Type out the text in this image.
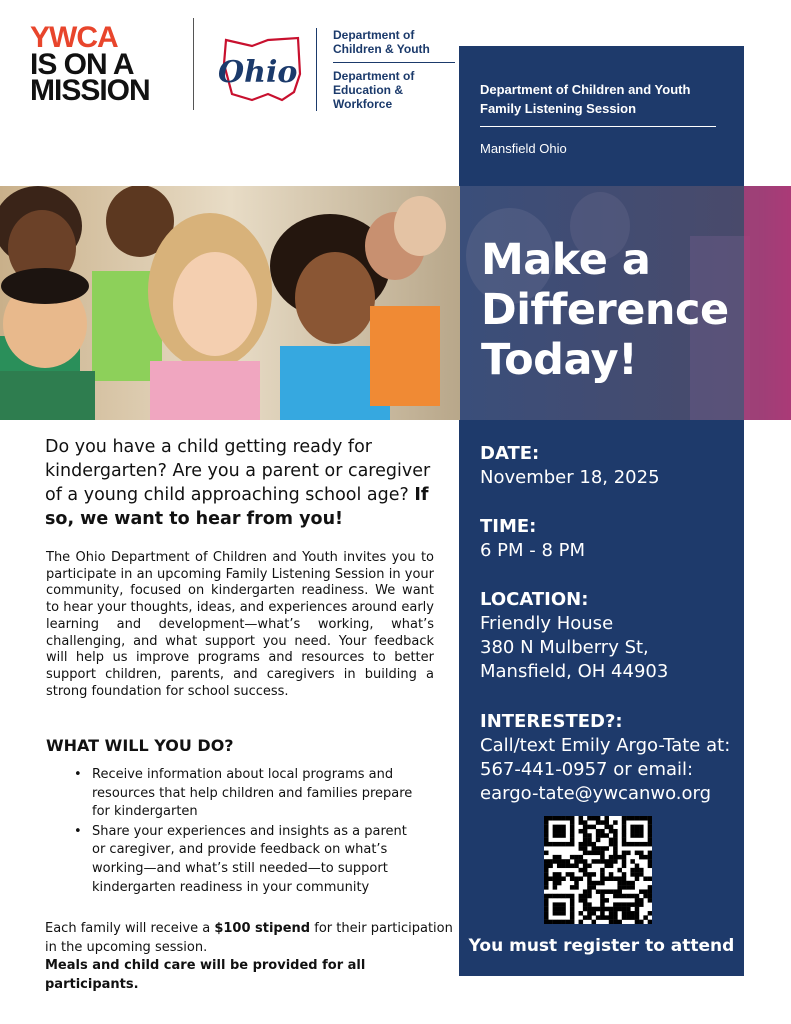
YWCA
IS ON A
MISSION
Ohio
Department of Children & Youth
Department of Education & Workforce
Department of Children and Youth Family Listening Session
Mansfield Ohio
Make a
Difference
Today!
DATE:
November 18, 2025
TIME:
6 PM - 8 PM
LOCATION:
Friendly House
380 N Mulberry St, Mansfield, OH 44903
INTERESTED?:
Call/text Emily Argo-Tate at: 567-441-0957 or email: eargo-tate@ywcanwo.org
You must register to attend
Do you have a child getting ready for kindergarten? Are you a parent or caregiver of a young child approaching school age? If so, we want to hear from you!
The Ohio Department of Children and Youth invites you to participate in an upcoming Family Listening Session in your community, focused on kindergarten readiness. We want to hear your thoughts, ideas, and experiences around early learning and development—what’s working, what’s challenging, and what support you need. Your feedback will help us improve programs and resources to better support children, parents, and caregivers in building a strong foundation for school success.
WHAT WILL YOU DO?
• Receive information about local programs and resources that help children and families prepare for kindergarten
• Share your experiences and insights as a parent or caregiver, and provide feedback on what’s working—and what’s still needed—to support kindergarten readiness in your community
Each family will receive a $100 stipend for their participation in the upcoming session.
Meals and child care will be provided for all participants.
